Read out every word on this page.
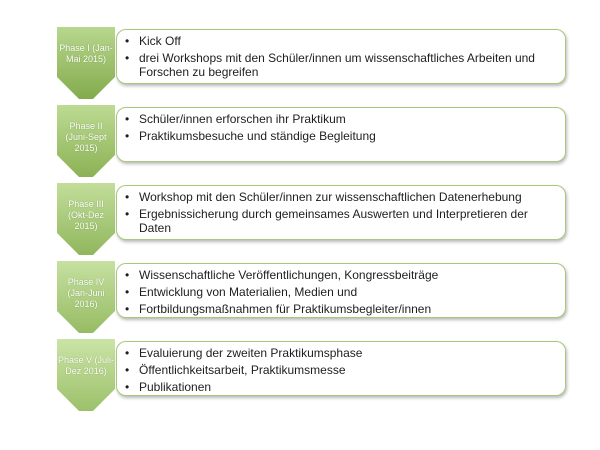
Phase I (Jan-Mai 2015)
• Kick Off
• drei Workshops mit den Schüler/innen um wissenschaftliches Arbeiten und Forschen zu begreifen
Phase II (Juni-Sept 2015)
• Schüler/innen erforschen ihr Praktikum
• Praktikumsbesuche und ständige Begleitung
Phase III (Okt-Dez 2015)
• Workshop mit den Schüler/innen zur wissenschaftlichen Datenerhebung
• Ergebnissicherung durch gemeinsames Auswerten und Interpretieren der Daten
Phase IV (Jan-Juni 2016)
• Wissenschaftliche Veröffentlichungen, Kongressbeiträge
• Entwicklung von Materialien, Medien und
• Fortbildungsmaßnahmen für Praktikumsbegleiter/innen
Phase V (Juli-Dez 2016)
• Evaluierung der zweiten Praktikumsphase
• Öffentlichkeitsarbeit, Praktikumsmesse
• Publikationen
